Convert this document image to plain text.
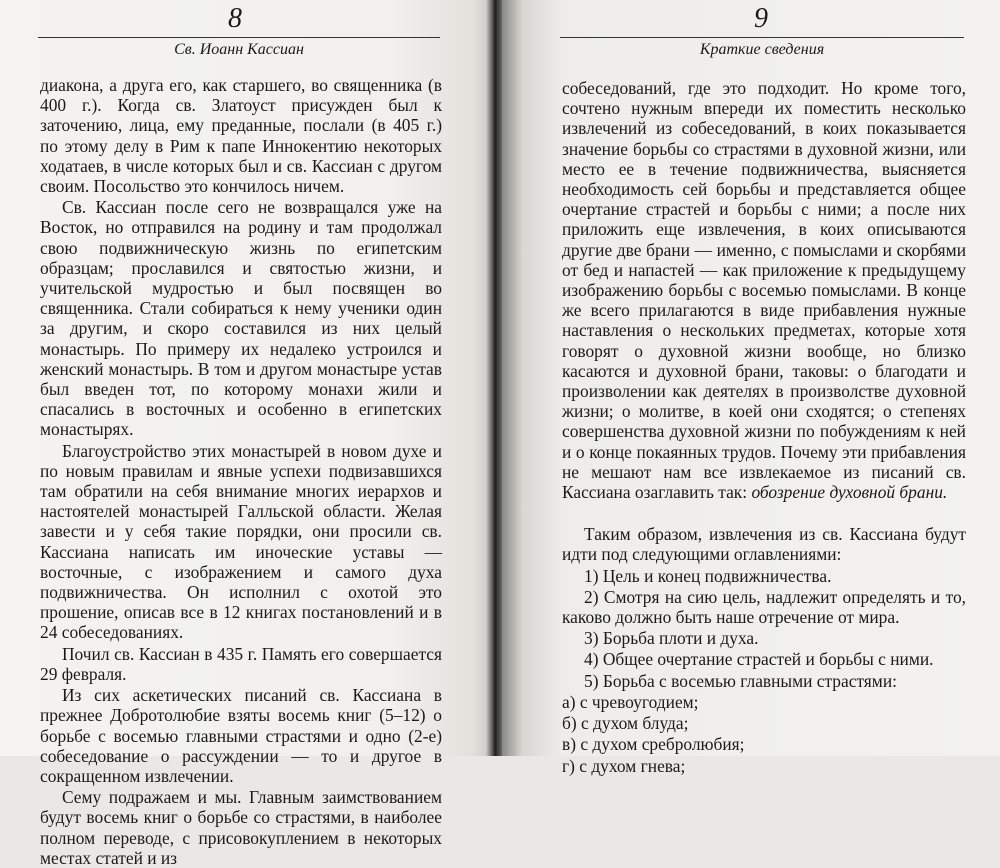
8
Св. Иоанн Кассиан

диакона, а друга его, как старшего, во священника (в 400 г.). Когда св. Златоуст присужден был к заточению, лица, ему преданные, послали (в 405 г.) по этому делу в Рим к папе Иннокентию некоторых ходатаев, в числе которых был и св. Кассиан с другом своим. Посольство это кончилось ничем.

Св. Кассиан после сего не возвращался уже на Восток, но отправился на родину и там продолжал свою подвижническую жизнь по египетским образцам; прославился и святостью жизни, и учительской мудростью и был посвящен во священника. Стали собираться к нему ученики один за другим, и скоро составился из них целый монастырь. По примеру их недалеко устроился и женский монастырь. В том и другом монастыре устав был введен тот, по которому монахи жили и спасались в восточных и особенно в египетских монастырях.

Благоустройство этих монастырей в новом духе и по новым правилам и явные успехи подвизавшихся там обратили на себя внимание многих иерархов и настоятелей монастырей Галльской области. Желая завести и у себя такие порядки, они просили св. Кассиана написать им иноческие уставы — восточные, с изображением и самого духа подвижничества. Он исполнил с охотой это прошение, описав все в 12 книгах постановлений и в 24 собеседованиях.

Почил св. Кассиан в 435 г. Память его совершается 29 февраля.

Из сих аскетических писаний св. Кассиана в прежнее Добротолюбие взяты восемь книг (5–12) о борьбе с восемью главными страстями и одно (2-е) собеседование о рассуждении — то и другое в сокращенном извлечении.

Сему подражаем и мы. Главным заимствованием будут восемь книг о борьбе со страстями, в наиболее полном переводе, с присовокуплением в некоторых местах статей и из

9
Краткие сведения

собеседований, где это подходит. Но кроме того, сочтено нужным впереди их поместить несколько извлечений из собеседований, в коих показывается значение борьбы со страстями в духовной жизни, или место ее в течение подвижничества, выясняется необходимость сей борьбы и представляется общее очертание страстей и борьбы с ними; а после них приложить еще извлечения, в коих описываются другие две брани — именно, с помыслами и скорбями от бед и напастей — как приложение к предыдущему изображению борьбы с восемью помыслами. В конце же всего прилагаются в виде прибавления нужные наставления о нескольких предметах, которые хотя говорят о духовной жизни вообще, но близко касаются и духовной брани, таковы: о благодати и произволении как деятелях в произволстве духовной жизни; о молитве, в коей они сходятся; о степенях совершенства духовной жизни по побуждениям к ней и о конце покаянных трудов. Почему эти прибавления не мешают нам все извлекаемое из писаний св. Кассиана озаглавить так: обозрение духовной брани.

Таким образом, извлечения из св. Кассиана будут идти под следующими оглавлениями:

1) Цель и конец подвижничества.

2) Смотря на сию цель, надлежит определять и то, каково должно быть наше отречение от мира.

3) Борьба плоти и духа.

4) Общее очертание страстей и борьбы с ними.

5) Борьба с восемью главными страстями:

а) с чревоугодием;

б) с духом блуда;

в) с духом сребролюбия;

г) с духом гнева;
